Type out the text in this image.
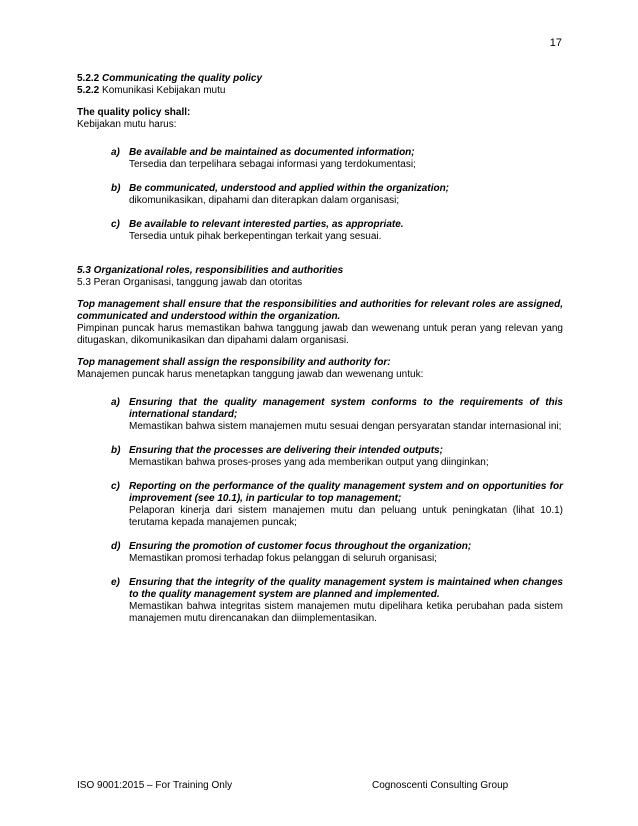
17
5.2.2 Communicating the quality policy
5.2.2 Komunikasi Kebijakan mutu
The quality policy shall:
Kebijakan mutu harus:
a) Be available and be maintained as documented information;
Tersedia dan terpelihara sebagai informasi yang terdokumentasi;
b) Be communicated, understood and applied within the organization;
dikomunikasikan, dipahami dan diterapkan dalam organisasi;
c) Be available to relevant interested parties, as appropriate.
Tersedia untuk pihak berkepentingan terkait yang sesuai.
5.3 Organizational roles, responsibilities and authorities
5.3 Peran Organisasi, tanggung jawab dan otoritas
Top management shall ensure that the responsibilities and authorities for relevant roles are assigned, communicated and understood within the organization.
Pimpinan puncak harus memastikan bahwa tanggung jawab dan wewenang untuk peran yang relevan yang ditugaskan, dikomunikasikan dan dipahami dalam organisasi.
Top management shall assign the responsibility and authority for:
Manajemen puncak harus menetapkan tanggung jawab dan wewenang untuk:
a) Ensuring that the quality management system conforms to the requirements of this international standard;
Memastikan bahwa sistem manajemen mutu sesuai dengan persyaratan standar internasional ini;
b) Ensuring that the processes are delivering their intended outputs;
Memastikan bahwa proses-proses yang ada memberikan output yang diinginkan;
c) Reporting on the performance of the quality management system and on opportunities for improvement (see 10.1), in particular to top management;
Pelaporan kinerja dari sistem manajemen mutu dan peluang untuk peningkatan (lihat 10.1) terutama kepada manajemen puncak;
d) Ensuring the promotion of customer focus throughout the organization;
Memastikan promosi terhadap fokus pelanggan di seluruh organisasi;
e) Ensuring that the integrity of the quality management system is maintained when changes to the quality management system are planned and implemented.
Memastikan bahwa integritas sistem manajemen mutu dipelihara ketika perubahan pada sistem manajemen mutu direncanakan dan diimplementasikan.
ISO 9001:2015 – For Training Only	Cognoscenti Consulting Group
